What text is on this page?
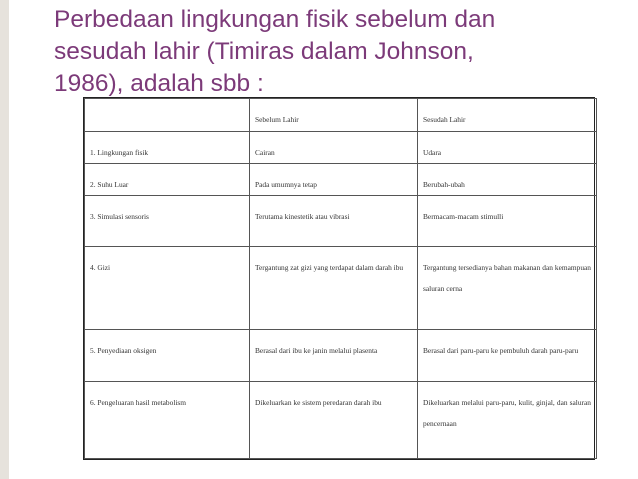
Perbedaan lingkungan fisik sebelum dan
sesudah lahir (Timiras dalam Johnson,
1986), adalah sbb :
	Sebelum Lahir	Sesudah Lahir
1. Lingkungan fisik	Cairan	Udara
2. Suhu Luar	Pada umumnya tetap	Berubah-ubah
3. Simulasi sensoris	Terutama kinestetik atau vibrasi	Bermacam-macam stimulli
4. Gizi	Tergantung zat gizi yang terdapat dalam darah ibu	Tergantung tersedianya bahan makanan dan kemampuan saluran cerna
5. Penyediaan oksigen	Berasal dari ibu ke janin melalui plasenta	Berasal dari paru-paru ke pembuluh darah paru-paru
6. Pengeluaran hasil metabolism	Dikeluarkan ke sistem peredaran darah ibu	Dikeluarkan melalui paru-paru, kulit, ginjal, dan saluran pencernaan
